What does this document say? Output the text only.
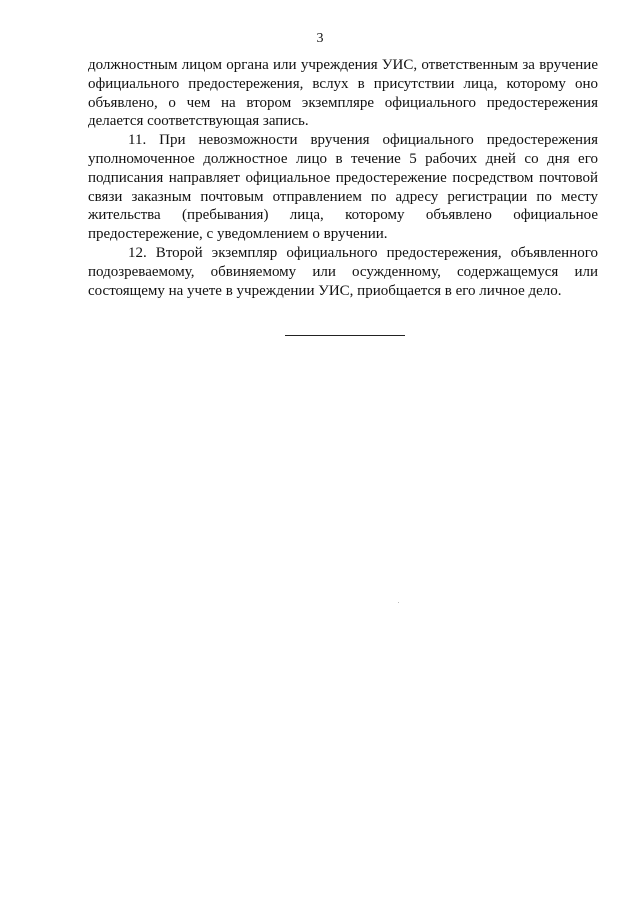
3

должностным лицом органа или учреждения УИС, ответственным за вручение официального предостережения, вслух в присутствии лица, которому оно объявлено, о чем на втором экземпляре официального предостережения делается соответствующая запись.

11. При невозможности вручения официального предостережения уполномоченное должностное лицо в течение 5 рабочих дней со дня его подписания направляет официальное предостережение посредством почтовой связи заказным почтовым отправлением по адресу регистрации по месту жительства (пребывания) лица, которому объявлено официальное предостережение, с уведомлением о вручении.

12. Второй экземпляр официального предостережения, объявленного подозреваемому, обвиняемому или осужденному, содержащемуся или состоящему на учете в учреждении УИС, приобщается в его личное дело.
